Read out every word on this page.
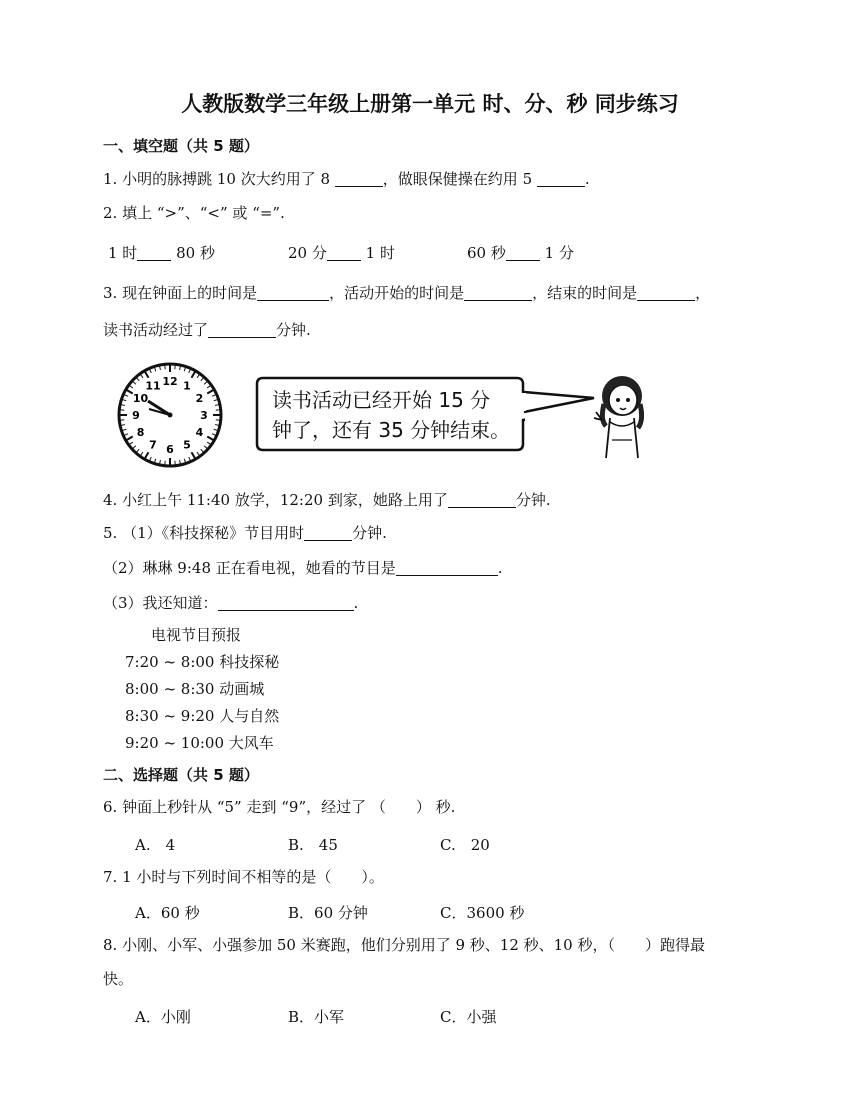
人教版数学三年级上册第一单元 时、分、秒 同步练习
一、填空题（共 5 题）
1. 小明的脉搏跳 10 次大约用了 8	，做眼保健操在约用 5	.
2. 填上 “>”、“<” 或 “=”.
1 时	80 秒	20 分	1 时	60 秒	1 分
3. 现在钟面上的时间是	，活动开始的时间是	，结束的时间是	，
读书活动经过了	分钟.
12 1
2
3
4
5
6
7
8
9
10
11
读书活动已经开始 15 分
钟了，还有 35 分钟结束。
4. 小红上午 11:40 放学，12:20 到家，她路上用了	分钟.
5. （1）《科技探秘》节目用时	分钟.
（2）琳琳 9:48 正在看电视，她看的节目是	.
（3）我还知道：	.
电视节目预报
7:20 ~ 8:00 科技探秘
8:00 ~ 8:30 动画城
8:30 ~ 9:20 人与自然
9:20 ~ 10:00 大风车
二、选择题（共 5 题）
6. 钟面上秒针从 “5” 走到 “9”，经过了 （　　） 秒.
A.　4	B.　45	C.　20
7. 1 小时与下列时间不相等的是（　　）。
A．60 秒	B．60 分钟	C．3600 秒
8. 小刚、小军、小强参加 50 米赛跑，他们分别用了 9 秒、12 秒、10 秒，（　　）跑得最
快。
A．小刚	B．小军	C．小强
